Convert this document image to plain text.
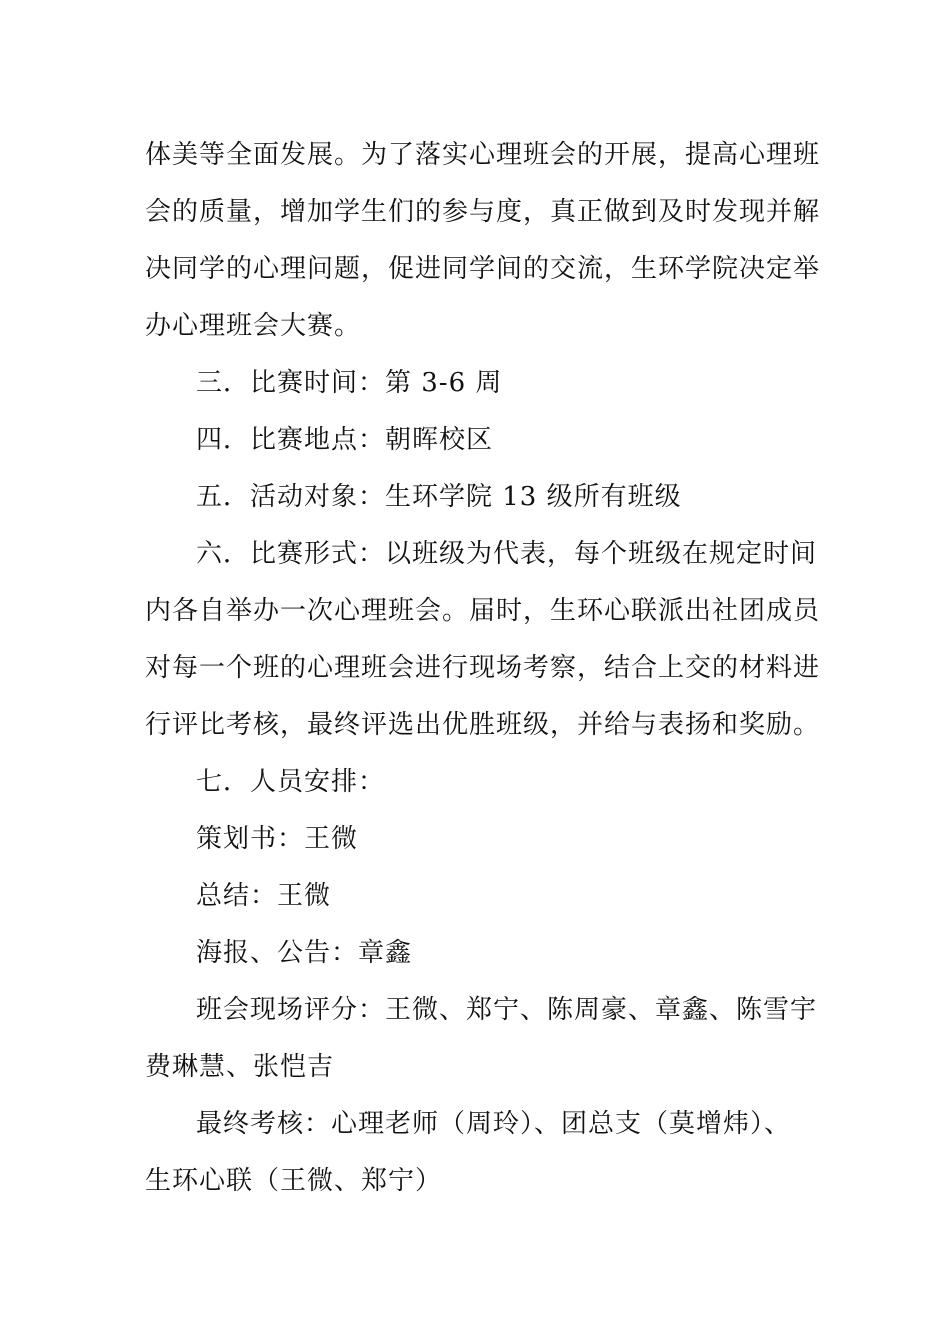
体美等全面发展。为了落实心理班会的开展，提高心理班
会的质量，增加学生们的参与度，真正做到及时发现并解
决同学的心理问题，促进同学间的交流，生环学院决定举
办心理班会大赛。
三．比赛时间：第 3-6 周
四．比赛地点：朝晖校区
五．活动对象：生环学院 13 级所有班级
六．比赛形式：以班级为代表，每个班级在规定时间
内各自举办一次心理班会。届时，生环心联派出社团成员
对每一个班的心理班会进行现场考察，结合上交的材料进
行评比考核，最终评选出优胜班级，并给与表扬和奖励。
七．人员安排：
策划书：王微
总结：王微
海报、公告：章鑫
班会现场评分：王微、郑宁、陈周豪、章鑫、陈雪宇
费琳慧、张恺吉
最终考核：心理老师（周玲）、团总支（莫增炜）、
生环心联（王微、郑宁）
